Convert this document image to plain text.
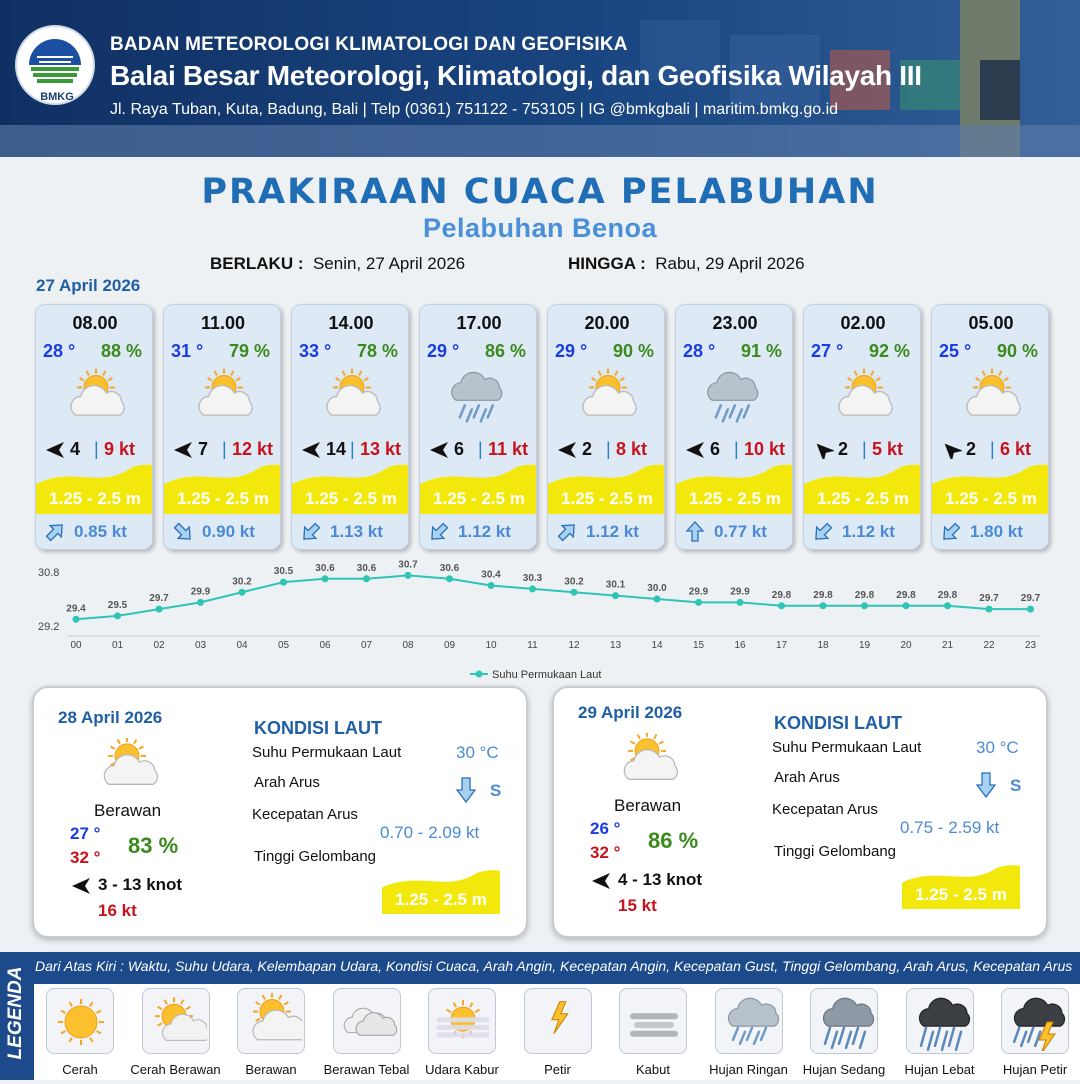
BMKG
BADAN METEOROLOGI KLIMATOLOGI DAN GEOFISIKA
Balai Besar Meteorologi, Klimatologi, dan Geofisika Wilayah III
Jl. Raya Tuban, Kuta, Badung, Bali | Telp (0361) 751122 - 753105 | IG @bmkgbali | maritim.bmkg.go.id
PRAKIRAAN CUACA PELABUHAN
Pelabuhan Benoa
BERLAKU : Senin, 27 April 2026	HINGGA : Rabu, 29 April 2026
27 April 2026
08.00
28 ° 88 %
4 | 9 kt
1.25 - 2.5 m
0.85 kt
11.00
31 ° 79 %
7 | 12 kt
1.25 - 2.5 m
0.90 kt
14.00
33 ° 78 %
14 | 13 kt
1.25 - 2.5 m
1.13 kt
17.00
29 ° 86 %
6 | 11 kt
1.25 - 2.5 m
1.12 kt
20.00
29 ° 90 %
2 | 8 kt
1.25 - 2.5 m
1.12 kt
23.00
28 ° 91 %
6 | 10 kt
1.25 - 2.5 m
0.77 kt
02.00
27 ° 92 %
2 | 5 kt
1.25 - 2.5 m
1.12 kt
05.00
25 ° 90 %
2 | 6 kt
1.25 - 2.5 m
1.80 kt
30.8
29.2
29.4
00
29.5
01
29.7
02
29.9
03
30.2
04
30.5
05
30.6
06
30.6
07
30.7
08
30.6
09
30.4
10
30.3
11
30.2
12
30.1
13
30.0
14
29.9
15
29.9
16
29.8
17
29.8
18
29.8
19
29.8
20
29.8
21
29.7
22
29.7
23
Suhu Permukaan Laut
28 April 2026
Berawan
27 °
32 ° 83 %
3 - 13 knot
16 kt
KONDISI LAUT
Suhu Permukaan Laut	30 °C
Arah Arus	S
Kecepatan Arus
0.70 - 2.09 kt
Tinggi Gelombang
1.25 - 2.5 m
29 April 2026
Berawan
26 °
32 ° 86 %
4 - 13 knot
15 kt
KONDISI LAUT
Suhu Permukaan Laut	30 °C
Arah Arus	S
Kecepatan Arus
0.75 - 2.59 kt
Tinggi Gelombang
1.25 - 2.5 m
LEGENDA
Dari Atas Kiri : Waktu, Suhu Udara, Kelembapan Udara, Kondisi Cuaca, Arah Angin, Kecepatan Angin, Kecepatan Gust, Tinggi Gelombang, Arah Arus, Kecepatan Arus
Cerah	Cerah Berawan	Berawan	Berawan Tebal	Udara Kabur	Petir	Kabut	Hujan Ringan	Hujan Sedang	Hujan Lebat	Hujan Petir
